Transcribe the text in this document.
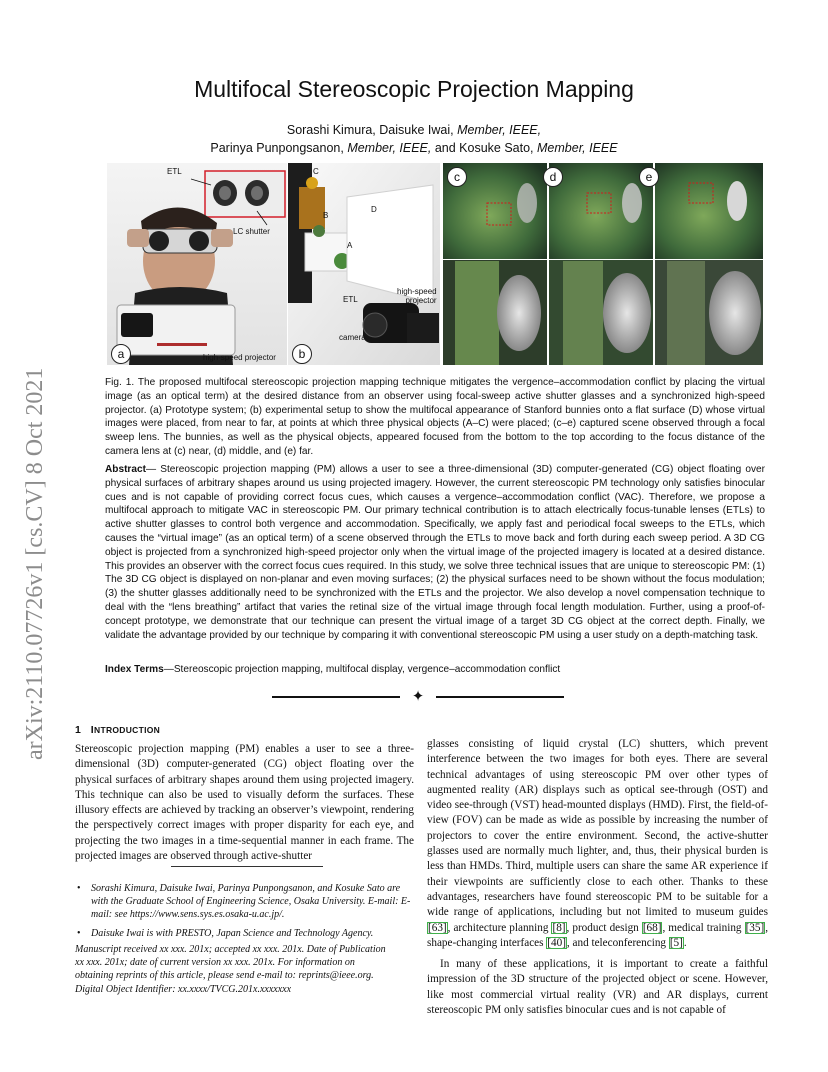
arXiv:2110.07726v1 [cs.CV] 8 Oct 2021
Multifocal Stereoscopic Projection Mapping
Sorashi Kimura, Daisuke Iwai, Member, IEEE,
Parinya Punpongsanon, Member, IEEE, and Kosuke Sato, Member, IEEE
a	b
c	d	e
ETL
LC shutter
high-speed projector
C
B
D
A
ETL
high-speed
projector
camera
Fig. 1. The proposed multifocal stereoscopic projection mapping technique mitigates the vergence–accommodation conflict by placing the virtual image (as an optical term) at the desired distance from an observer using focal-sweep active shutter glasses and a synchronized high-speed projector. (a) Prototype system; (b) experimental setup to show the multifocal appearance of Stanford bunnies onto a flat surface (D) whose virtual images were placed, from near to far, at points at which three physical objects (A–C) were placed; (c–e) captured scene observed through a focal sweep lens. The bunnies, as well as the physical objects, appeared focused from the bottom to the top according to the focus distance of the camera lens at (c) near, (d) middle, and (e) far.
Abstract— Stereoscopic projection mapping (PM) allows a user to see a three-dimensional (3D) computer-generated (CG) object floating over physical surfaces of arbitrary shapes around us using projected imagery. However, the current stereoscopic PM technology only satisfies binocular cues and is not capable of providing correct focus cues, which causes a vergence–accommodation conflict (VAC). Therefore, we propose a multifocal approach to mitigate VAC in stereoscopic PM. Our primary technical contribution is to attach electrically focus-tunable lenses (ETLs) to active shutter glasses to control both vergence and accommodation. Specifically, we apply fast and periodical focal sweeps to the ETLs, which causes the “virtual image” (as an optical term) of a scene observed through the ETLs to move back and forth during each sweep period. A 3D CG object is projected from a synchronized high-speed projector only when the virtual image of the projected imagery is located at a desired distance. This provides an observer with the correct focus cues required. In this study, we solve three technical issues that are unique to stereoscopic PM: (1) The 3D CG object is displayed on non-planar and even moving surfaces; (2) the physical surfaces need to be shown without the focus modulation; (3) the shutter glasses additionally need to be synchronized with the ETLs and the projector. We also develop a novel compensation technique to deal with the “lens breathing” artifact that varies the retinal size of the virtual image through focal length modulation. Further, using a proof-of-concept prototype, we demonstrate that our technique can present the virtual image of a target 3D CG object at the correct depth. Finally, we validate the advantage provided by our technique by comparing it with conventional stereoscopic PM using a user study on a depth-matching task.
Index Terms—Stereoscopic projection mapping, multifocal display, vergence–accommodation conflict
✦
1 INTRODUCTION

Stereoscopic projection mapping (PM) enables a user to see a three-dimensional (3D) computer-generated (CG) object floating over the physical surfaces of arbitrary shapes around them using projected imagery. This technique can also be used to visually deform the surfaces. These illusory effects are achieved by tracking an observer’s viewpoint, rendering the perspectively correct images with proper disparity for each eye, and projecting the two images in a time-sequential manner in each frame. The projected images are observed through active-shutter

• Sorashi Kimura, Daisuke Iwai, Parinya Punpongsanon, and Kosuke Sato are with the Graduate School of Engineering Science, Osaka University. E-mail: E-mail: see https://www.sens.sys.es.osaka-u.ac.jp/.
• Daisuke Iwai is with PRESTO, Japan Science and Technology Agency.

Manuscript received xx xxx. 201x; accepted xx xxx. 201x. Date of Publication

xx xxx. 201x; date of current version xx xxx. 201x. For information on

obtaining reprints of this article, please send e-mail to: reprints@ieee.org.

Digital Object Identifier: xx.xxxx/TVCG.201x.xxxxxxx

glasses consisting of liquid crystal (LC) shutters, which prevent interference between the two images for both eyes. There are several technical advantages of using stereoscopic PM over other types of augmented reality (AR) displays such as optical see-through (OST) and video see-through (VST) head-mounted displays (HMD). First, the field-of-view (FOV) can be made as wide as possible by increasing the number of projectors to cover the entire environment. Second, the active-shutter glasses used are normally much lighter, and, thus, their physical burden is less than HMDs. Third, multiple users can share the same AR experience if their viewpoints are sufficiently close to each other. Thanks to these advantages, researchers have found stereoscopic PM to be suitable for a wide range of applications, including but not limited to museum guides [63], architecture planning [8], product design [68], medical training [35], shape-changing interfaces [40], and teleconferencing [5].

In many of these applications, it is important to create a faithful impression of the 3D structure of the projected object or scene. However, like most commercial virtual reality (VR) and AR displays, current stereoscopic PM only satisfies binocular cues and is not capable of
